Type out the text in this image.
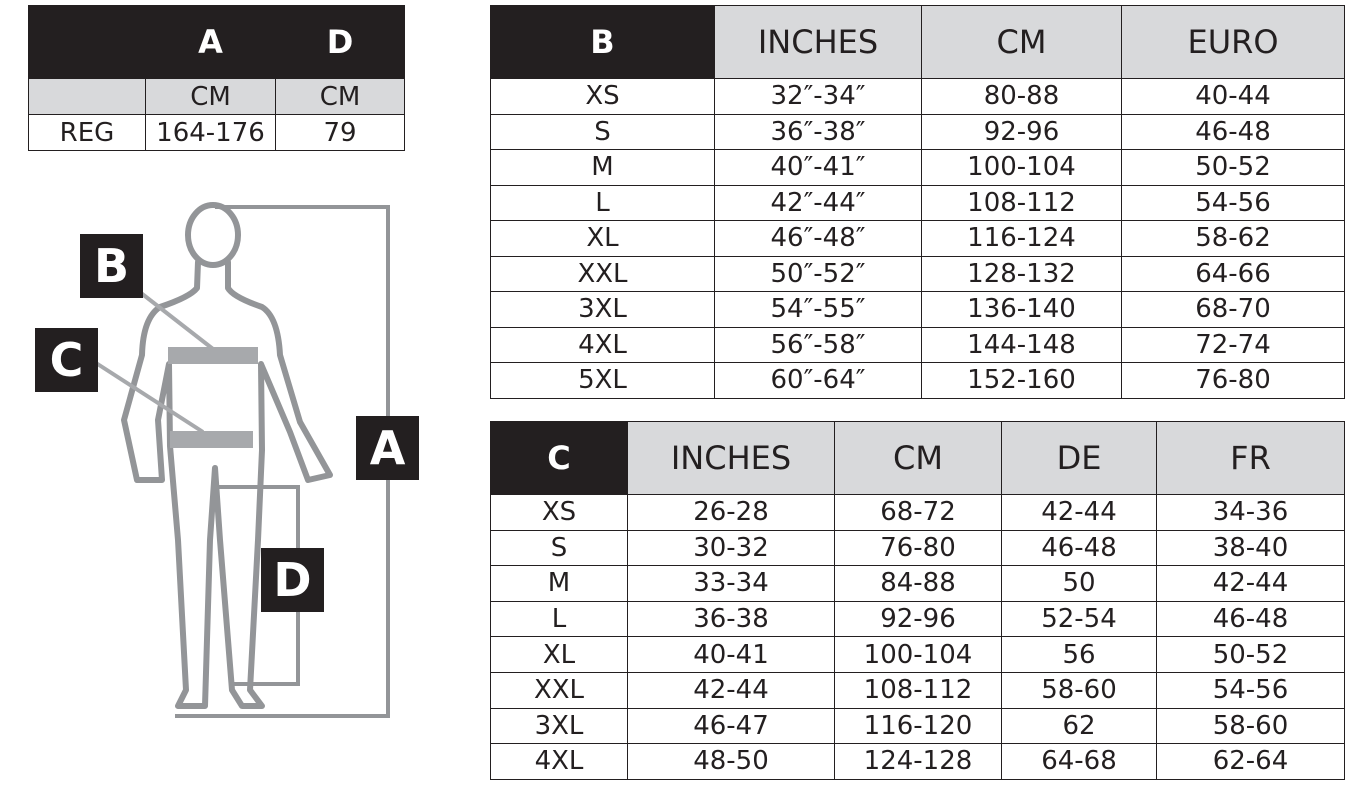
	A	D
	CM	CM
REG	164-176	79
B	INCHES	CM	EURO
XS	32″-34″	80-88	40-44
S	36″-38″	92-96	46-48
M	40″-41″	100-104	50-52
L	42″-44″	108-112	54-56
XL	46″-48″	116-124	58-62
XXL	50″-52″	128-132	64-66
3XL	54″-55″	136-140	68-70
4XL	56″-58″	144-148	72-74
5XL	60″-64″	152-160	76-80
C	INCHES	CM	DE	FR
XS	26-28	68-72	42-44	34-36
S	30-32	76-80	46-48	38-40
M	33-34	84-88	50	42-44
L	36-38	92-96	52-54	46-48
XL	40-41	100-104	56	50-52
XXL	42-44	108-112	58-60	54-56
3XL	46-47	116-120	62	58-60
4XL	48-50	124-128	64-68	62-64
B
C
A
D
